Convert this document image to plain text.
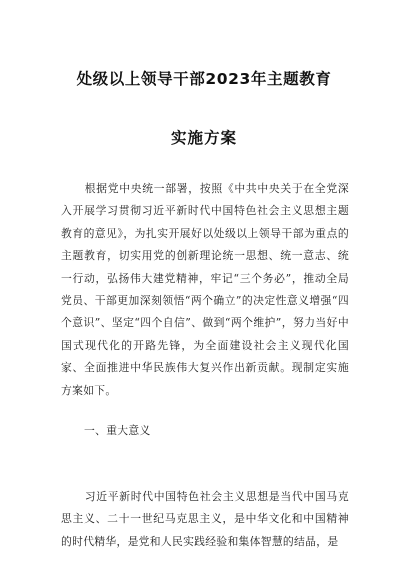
处级以上领导干部2023年主题教育
实施方案
根据党中央统一部署，按照《中共中央关于在全党深入开展学习贯彻习近平新时代中国特色社会主义思想主题教育的意见》，为扎实开展好以处级以上领导干部为重点的主题教育，切实用党的创新理论统一思想、统一意志、统一行动，弘扬伟大建党精神，牢记“三个务必”，推动全局党员、干部更加深刻领悟“两个确立”的决定性意义增强“四个意识”、坚定“四个自信”、做到“两个维护”，努力当好中国式现代化的开路先锋，为全面建设社会主义现代化国家、全面推进中华民族伟大复兴作出新贡献。现制定实施方案如下。
一、重大意义
习近平新时代中国特色社会主义思想是当代中国马克思主义、二十一世纪马克思主义，是中华文化和中国精神的时代精华，是党和人民实践经验和集体智慧的结晶，是
